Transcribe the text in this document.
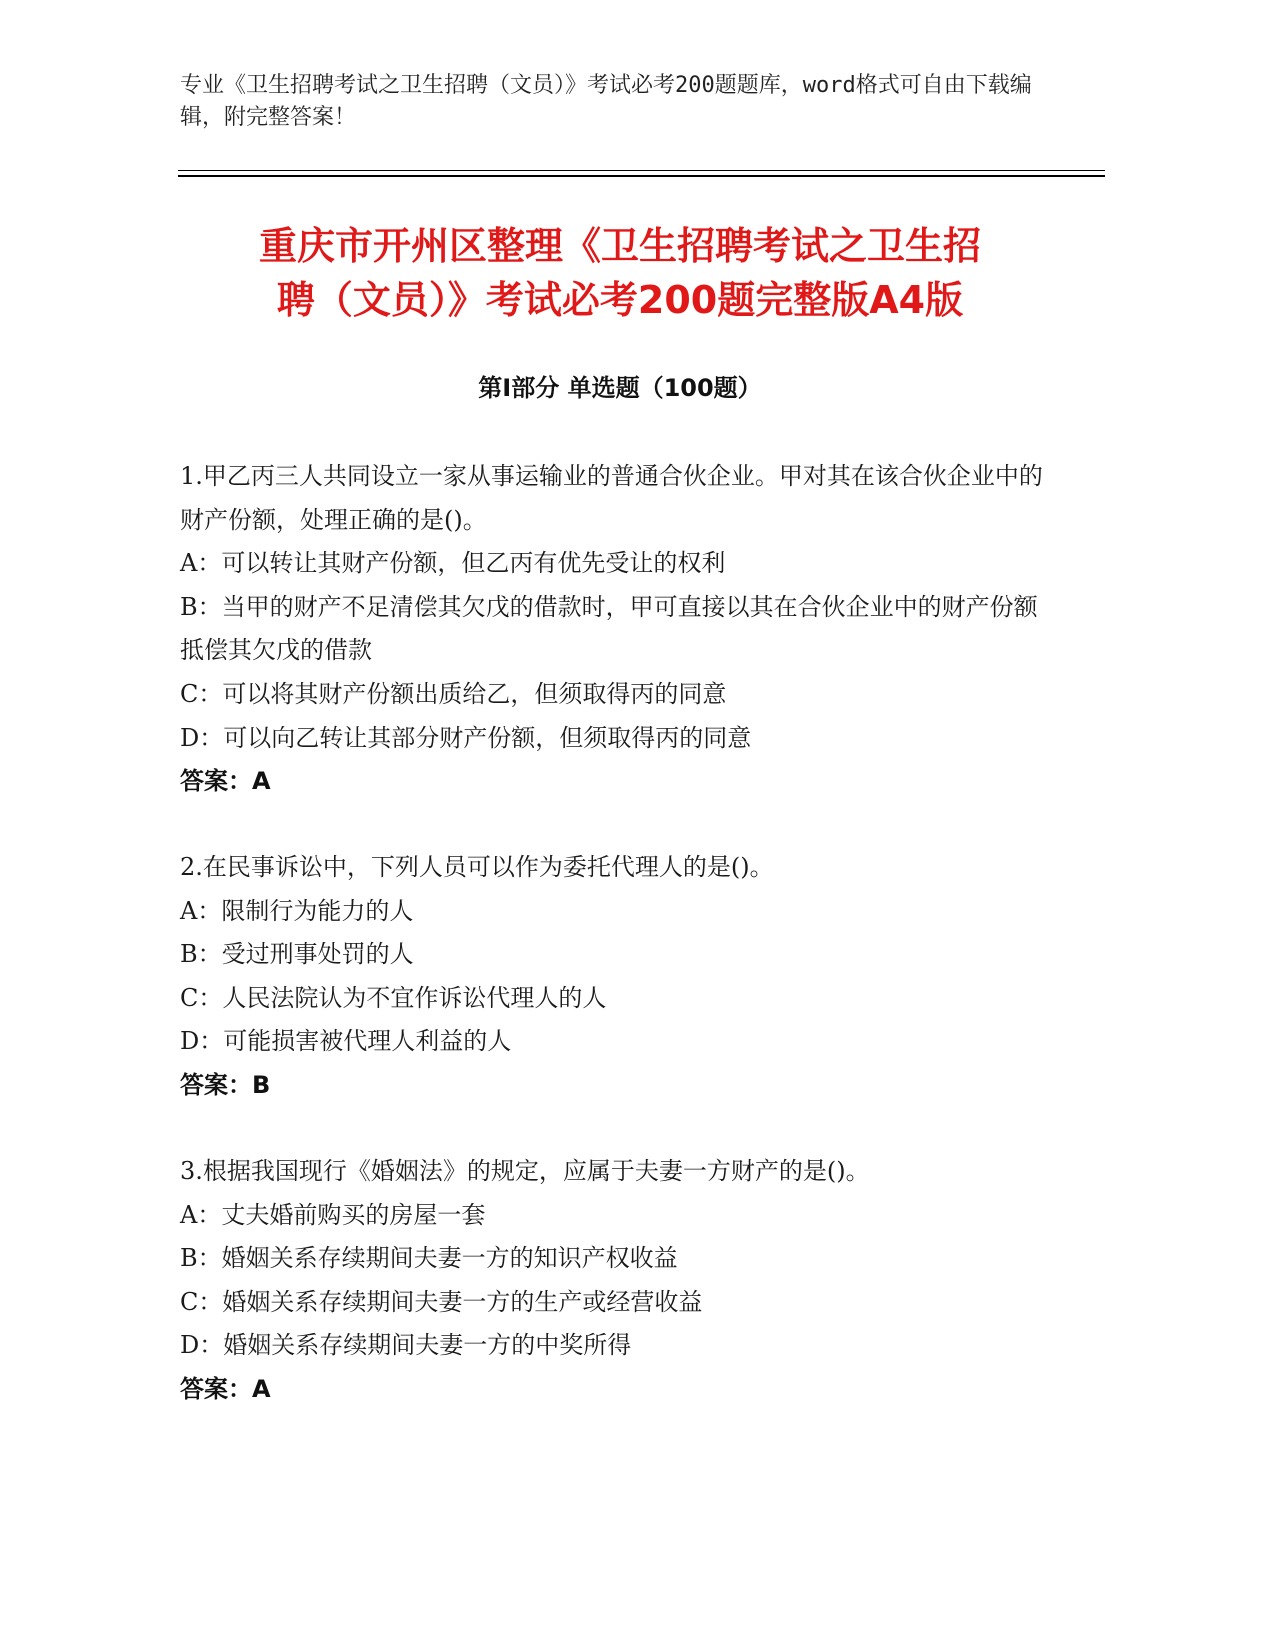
专业《卫生招聘考试之卫生招聘（文员）》考试必考200题题库，word格式可自由下载编辑，附完整答案！
重庆市开州区整理《卫生招聘考试之卫生招
聘（文员）》考试必考200题完整版A4版
第Ⅰ部分 单选题（100题）
1.甲乙丙三人共同设立一家从事运输业的普通合伙企业。甲对其在该合伙企业中的财产份额，处理正确的是()。
A：可以转让其财产份额，但乙丙有优先受让的权利
B：当甲的财产不足清偿其欠戊的借款时，甲可直接以其在合伙企业中的财产份额抵偿其欠戊的借款
C：可以将其财产份额出质给乙，但须取得丙的同意
D：可以向乙转让其部分财产份额，但须取得丙的同意
答案：A
2.在民事诉讼中，下列人员可以作为委托代理人的是()。
A：限制行为能力的人
B：受过刑事处罚的人
C：人民法院认为不宜作诉讼代理人的人
D：可能损害被代理人利益的人
答案：B
3.根据我国现行《婚姻法》的规定，应属于夫妻一方财产的是()。
A：丈夫婚前购买的房屋一套
B：婚姻关系存续期间夫妻一方的知识产权收益
C：婚姻关系存续期间夫妻一方的生产或经营收益
D：婚姻关系存续期间夫妻一方的中奖所得
答案：A
